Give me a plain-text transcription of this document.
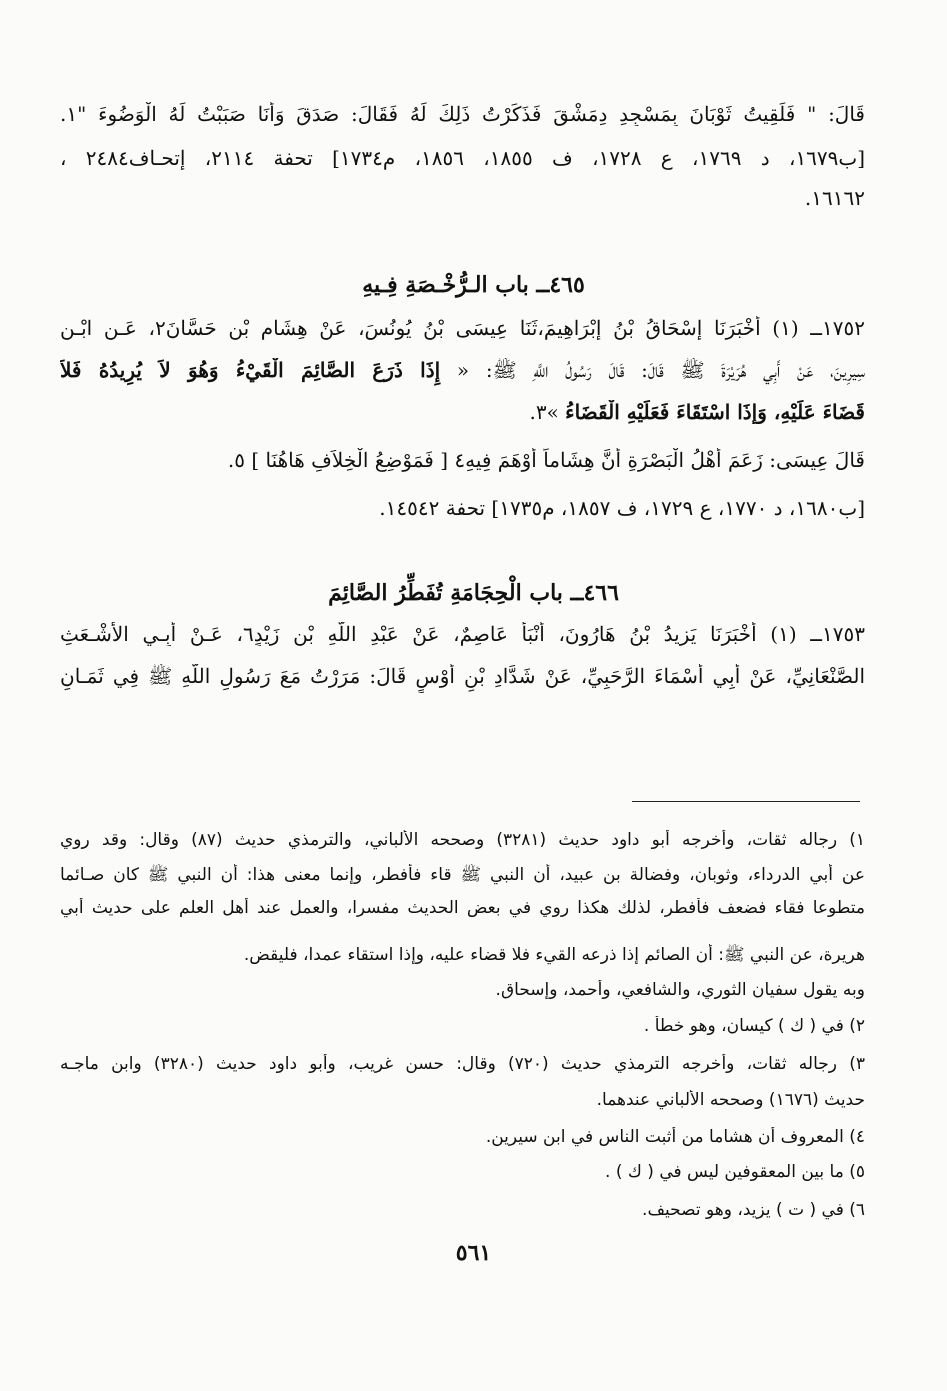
قَالَ: " فَلَقِيتُ ثَوْبَانَ بِمَسْجِدِ دِمَشْقَ فَذَكَرْتُ ذَلِكَ لَهُ فَقَالَ: صَدَقَ وَأَنَا صَبَبْتُ لَهُ الْوَضُوءَ "١.
[ب١٦٧٩، د ١٧٦٩، ع ١٧٢٨، ف ١٨٥٥، ١٨٥٦، م١٧٣٤] تحفة ٢١١٤، إتحـاف٢٤٨٤ ،
١٦١٦٢.
٤٦٥ــ باب الـرُّخْـصَةِ فِـيهِ
١٧٥٢ــ (١) أَخْبَرَنَا إِسْحَاقُ بْنُ إِبْرَاهِيمَ،ثَنَا عِيسَى بْنُ يُونُسَ، عَنْ هِشَامِ بْنِ حَسَّانَ٢، عَـنِ ابْـنِ
سِيرِينَ، عَنْ أَبِي هُرَيْرَةَ ﷺ قَالَ: قَالَ رَسُولُ اللَّهِ ﷺ: « إِذَا ذَرَعَ الصَّائِمَ الْقَيْءُ وَهُوَ لاَ يُرِيدُهُ فَلاَ
قَضَاءَ عَلَيْهِ، وَإِذَا اسْتَقَاءَ فَعَلَيْهِ الْقَضَاءُ »٣.
قَالَ عِيسَى: زَعَمَ أَهْلُ الْبَصْرَةِ أَنَّ هِشَاماً أَوْهَمَ فِيهِ٤ [ فَمَوْضِعُ الْخِلاَفِ هَاهُنَا ] ٥.
[ب١٦٨٠، د ١٧٧٠، ع ١٧٢٩، ف ١٨٥٧، م١٧٣٥] تحفة ١٤٥٤٢.
٤٦٦ــ باب الْحِجَامَةِ تُفَطِّرُ الصَّائِمَ
١٧٥٣ــ (١) أَخْبَرَنَا يَزِيدُ بْنُ هَارُونَ، أَنْبَأَ عَاصِمٌ، عَنْ عَبْدِ اللَّهِ بْنِ زَيْدٍ٦، عَـنْ أَبِـي الأَشْـعَثِ
الصَّنْعَانِيِّ، عَنْ أَبِي أَسْمَاءَ الرَّحَبِيِّ، عَنْ شَدَّادِ بْنِ أَوْسٍ قَالَ: مَرَرْتُ مَعَ رَسُولِ اللَّهِ ﷺ فِي ثَمَـانِ
١) رجاله ثقات، وأخرجه أبو داود حديث (٣٢٨١) وصححه الألباني، والترمذي حديث (٨٧) وقال: وقد روي
عن أبي الدرداء، وثوبان، وفضالة بن عبيد، أن النبي ﷺ قاء فأفطر، وإنما معنى هذا: أن النبي ﷺ كان صـائما
متطوعا فقاء فضعف فأفطر، لذلك هكذا روي في بعض الحديث مفسرا، والعمل عند أهل العلم على حديث أبي
هريرة، عن النبي ﷺ: أن الصائم إذا ذرعه القيء فلا قضاء عليه، وإذا استقاء عمدا، فليقض.
وبه يقول سفيان الثوري، والشافعي، وأحمد، وإسحاق.
٢) في ( ك ) كيسان، وهو خطأ .
٣) رجاله ثقات، وأخرجه الترمذي حديث (٧٢٠) وقال: حسن غريب، وأبو داود حديث (٣٢٨٠) وابن ماجـه
حديث (١٦٧٦) وصححه الألباني عندهما.
٤) المعروف أن هشاما من أثبت الناس في ابن سيرين.
٥) ما بين المعقوفين ليس في ( ك ) .
٦) في ( ت ) يزيد، وهو تصحيف.
٥٦١
